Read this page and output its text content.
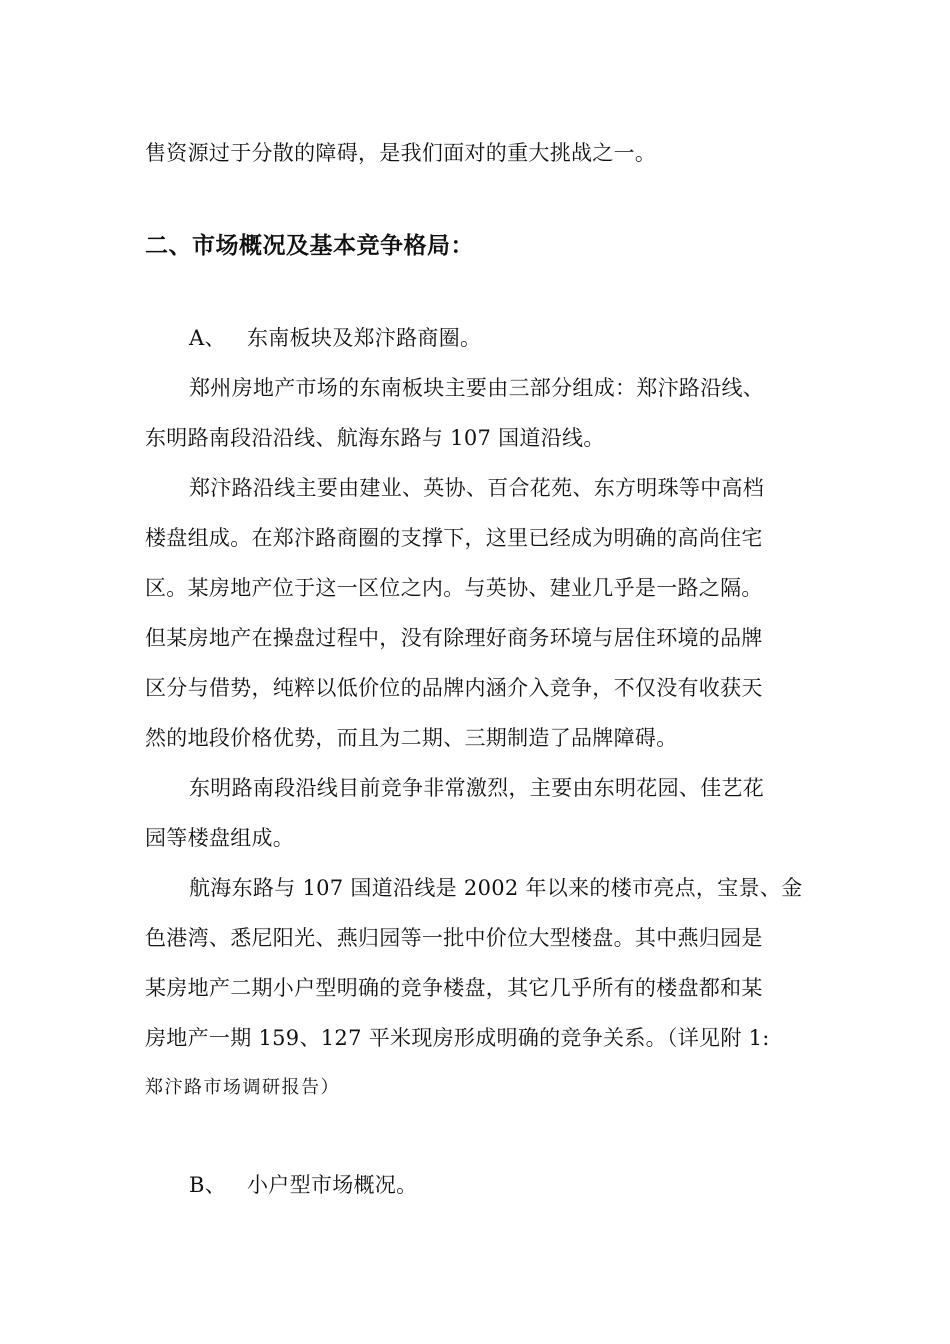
售资源过于分散的障碍，是我们面对的重大挑战之一。
二、市场概况及基本竞争格局：
A、 东南板块及郑汴路商圈。
郑州房地产市场的东南板块主要由三部分组成：郑汴路沿线、
东明路南段沿沿线、航海东路与 107 国道沿线。
郑汴路沿线主要由建业、英协、百合花苑、东方明珠等中高档
楼盘组成。在郑汴路商圈的支撑下，这里已经成为明确的高尚住宅
区。某房地产位于这一区位之内。与英协、建业几乎是一路之隔。
但某房地产在操盘过程中，没有除理好商务环境与居住环境的品牌
区分与借势，纯粹以低价位的品牌内涵介入竞争，不仅没有收获天
然的地段价格优势，而且为二期、三期制造了品牌障碍。
东明路南段沿线目前竞争非常激烈，主要由东明花园、佳艺花
园等楼盘组成。
航海东路与 107 国道沿线是 2002 年以来的楼市亮点，宝景、金
色港湾、悉尼阳光、燕归园等一批中价位大型楼盘。其中燕归园是
某房地产二期小户型明确的竞争楼盘，其它几乎所有的楼盘都和某
房地产一期 159、127 平米现房形成明确的竞争关系。（详见附 1:
郑汴路市场调研报告）
B、 小户型市场概况。
